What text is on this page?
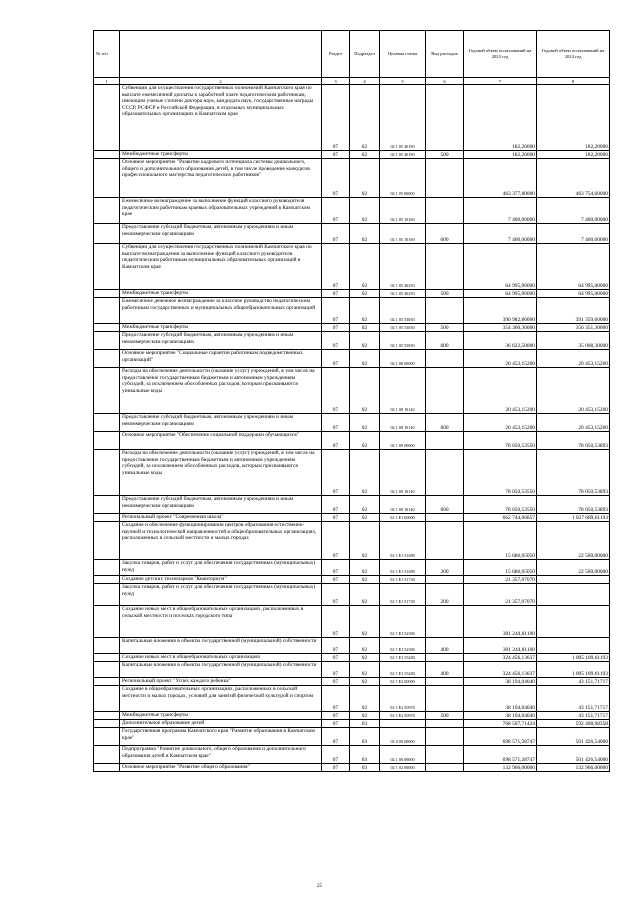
№ п/п		Раздел	Подраздел	Целевая статья	Вид расходов	Годовой объем ассигнований на 2023 год	Годовой объем ассигнований на 2024 год
1	2	3	4	5	6	7	8
	Субвенции для осуществления государственных полномочий Камчатского края по выплате ежемесячной доплаты к заработной плате педагогическим работникам, имеющим ученые степени доктора наук, кандидата наук, государственные награды СССР, РСФСР и Российской Федерации, в отдельных муниципальных образовательных организациях в Камчатском крае	07	02	02 1 05 40190		182,20000	182,20000
	Межбюджетные трансферты	07	02	02 1 05 40190	500	182,20000	182,20000
	Основное мероприятие "Развитие кадрового потенциала системы дошкольного, общего и дополнительного образования детей, в том числе проведение конкурсов профессионального мастерства педагогических работников"	07	02	02 1 05 00000		463 377,80000	463 754,60000
	Ежемесячное вознаграждение за выполнение функций классного руководителя педагогическим работникам краевых образовательных учреждений в Камчатском крае	07	02	02 1 05 10160		7 400,00000	7 400,00000
	Предоставление субсидий бюджетным, автономным учреждениям и иным некоммерческим организациям	07	02	02 1 05 10160	600	7 400,00000	7 400,00000
	Субвенции для осуществления государственных полномочий Камчатского края по выплате вознаграждения за выполнение функций классного руководителя педагогическим работникам муниципальных образовательных организаций в Камчатском крае	07	02	02 1 05 40250		64 995,00000	64 995,00000
	Межбюджетные трансферты	07	02	02 1 05 40250	500	64 995,00000	64 995,00000
	Ежемесячное денежное вознаграждение за классное руководство педагогическим работникам государственных и муниципальных общеобразовательных организаций	07	02	02 1 05 53030		390 982,80000	391 359,60000
	Межбюджетные трансферты	07	02	02 1 05 53030	500	354 360,30000	356 351,30000
	Предоставление субсидий бюджетным, автономным учреждениям и иным некоммерческим организациям	07	02	02 1 05 53030	600	36 622,50000	35 008,30000
	Основное мероприятие "Социальные гарантии работникам подведомственных организаций"	07	02	02 1 08 00000		20 453,15200	20 453,15200
	Расходы на обеспечение деятельности (оказание услуг) учреждений, в том числе на предоставление государственным бюджетным и автономным учреждениям субсидий, за исключением обособленных расходов, которым присваиваются уникальные коды	07	02	02 1 08 10140		20 453,15200	20 453,15200
	Предоставление субсидий бюджетным, автономным учреждениям и иным некоммерческим организациям	07	02	02 1 08 10140	600	20 453,15200	20 453,15200
	Основное мероприятие "Обеспечение социальной поддержки обучающихся"	07	02	02 1 09 00000		78 050,53550	78 050,53893
	Расходы на обеспечение деятельности (оказание услуг) учреждений, в том числе на предоставление государственным бюджетным и автономным учреждениям субсидий, за исключением обособленных расходов, которым присваиваются уникальные коды	07	02	02 1 09 10140		78 050,53550	78 050,53893
	Предоставление субсидий бюджетным, автономным учреждениям и иным некоммерческим организациям	07	02	02 1 09 10140	600	78 050,53550	78 050,53893
	Региональный проект "Современная школа"	07	02	02 1 E1 00000		662 744,06857	1 027 689,61193
	Создание и обеспечение функционирования центров образования естественно-научной и технологической направленностей в общеобразовательных организациях, расположенных в сельской местности и малых городах	07	02	02 1 E1 51690		15 686,05050	22 500,00000
	Закупка товаров, работ и услуг для обеспечения государственных (муниципальных) нужд	07	02	02 1 E1 51690	200	15 686,05050	22 500,00000
	Создание детских технопарков "Кванториум"	07	02	02 1 E1 51730		21 357,07070	
	Закупка товаров, работ и услуг для обеспечения государственных (муниципальных) нужд	07	02	02 1 E1 51730	200	21 357,07070	
	Создание новых мест в общеобразовательных организациях, расположенных в сельской местности и поселках городского типа	07	02	02 1 E1 52300		301 244,81100	
	Капитальные вложения в объекты государственной (муниципальной) собственности	07	02	02 1 E1 52300	400	301 244,81100	
	Создание новых мест в общеобразовательных организациях	07	02	02 1 E1 55200		324 456,13637	1 005 189,61193
	Капитальные вложения в объекты государственной (муниципальной) собственности	07	02	02 1 E1 55200	400	324 456,13637	1 005 189,61193
	Региональный проект "Успех каждого ребенка"	07	02	02 1 E2 00000		38 194,04040	43 151,71717
	Создание в общеобразовательных организациях, расположенных в сельской местности и малых городах, условий для занятий физической культурой и спортом	07	02	02 1 E2 50970		38 194,04040	43 151,71717
	Межбюджетные трансферты	07	02	02 1 E2 50970	500	38 194,04040	43 151,71717
	Дополнительное образование детей	07	03			768 507,71424	592 408,98358
	Государственная программа Камчатского края "Развитие образования в Камчатском крае"	07	03	02 0 00 00000		698 571,28747	501 426,54000
	Подпрограмма "Развитие дошкольного, общего образования и дополнительного образования детей в Камчатском крае"	07	03	02 1 00 00000		698 571,28747	501 426,54000
	Основное мероприятие "Развитие общего образования"	07	03	02 1 02 00000		132 966,00000	132 966,00000
25
